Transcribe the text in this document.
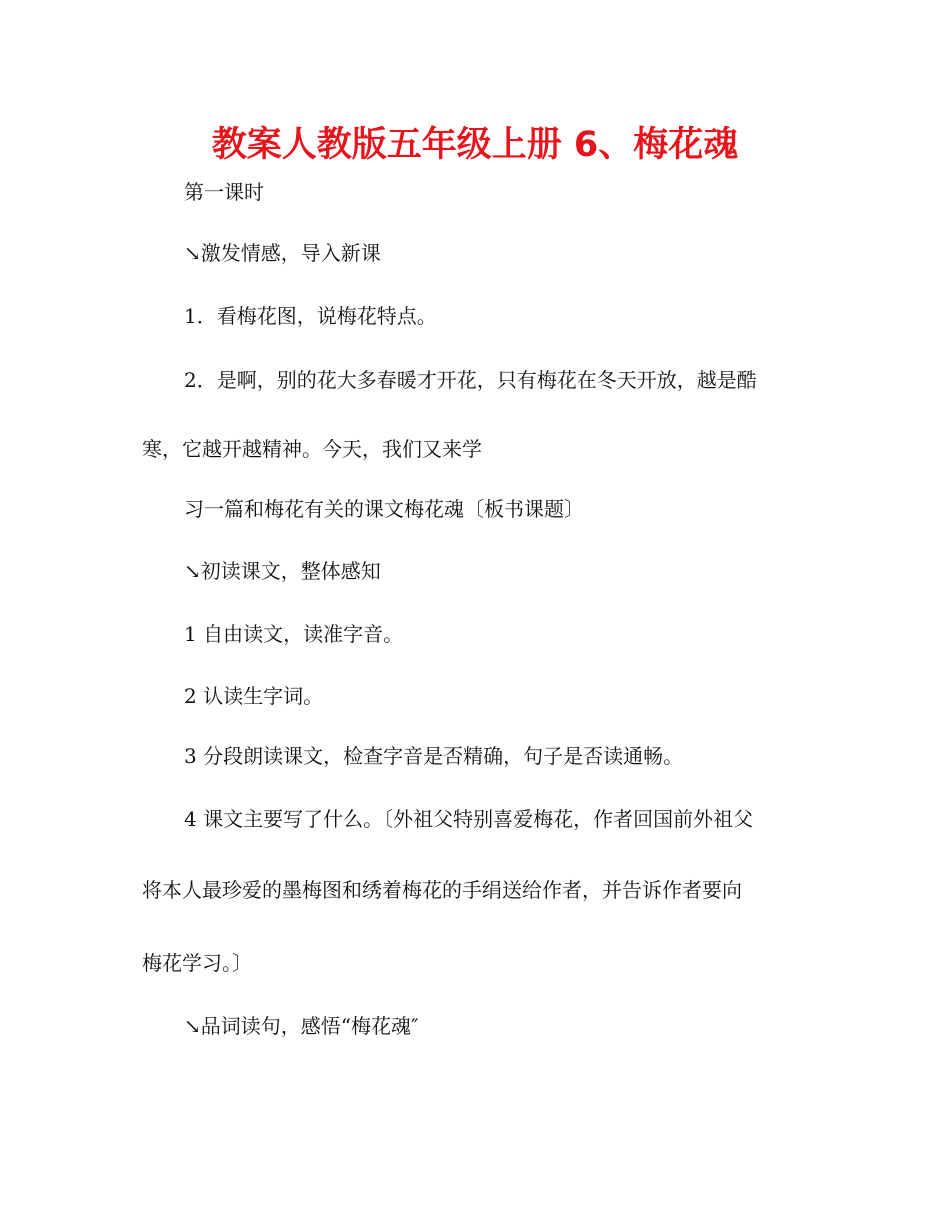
教案人教版五年级上册 6、梅花魂

第一课时

↘激发情感，导入新课

1．看梅花图，说梅花特点。

2．是啊，别的花大多春暖才开花，只有梅花在冬天开放，越是酷

寒，它越开越精神。今天，我们又来学

习一篇和梅花有关的课文梅花魂〔板书课题〕

↘初读课文，整体感知

1 自由读文，读准字音。

2 认读生字词。

3 分段朗读课文，检查字音是否精确，句子是否读通畅。

4 课文主要写了什么。〔外祖父特别喜爱梅花，作者回国前外祖父

将本人最珍爱的墨梅图和绣着梅花的手绢送给作者，并告诉作者要向

梅花学习。〕

↘品词读句，感悟“梅花魂″
